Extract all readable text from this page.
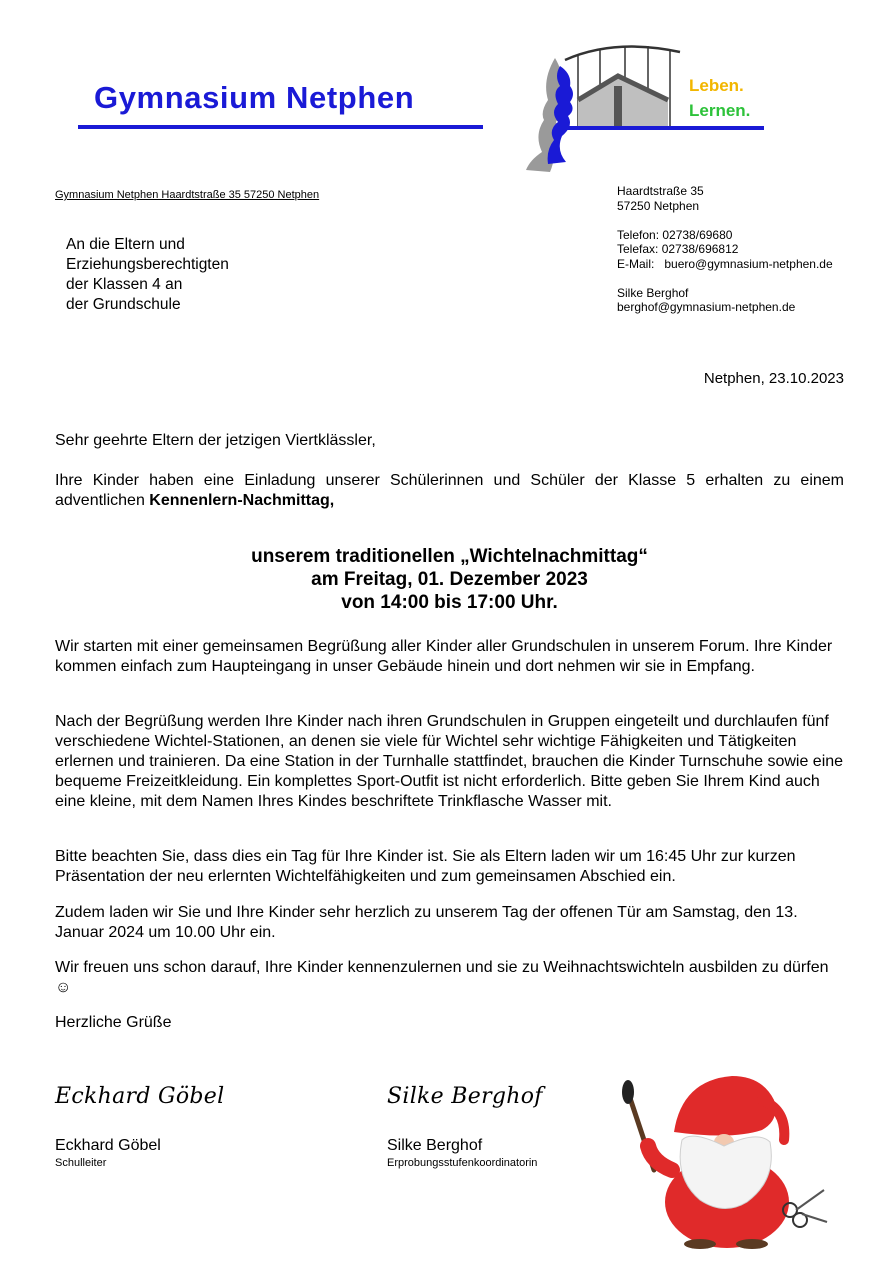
Gymnasium Netphen	Leben.
Lernen.
Gymnasium Netphen Haardtstraße 35 57250 Netphen
An die Eltern und
Erziehungsberechtigten
der Klassen 4 an
der Grundschule
Haardtstraße 35
57250 Netphen
Telefon: 02738/69680
Telefax: 02738/696812
E-Mail: buero@gymnasium-netphen.de
Silke Berghof
berghof@gymnasium-netphen.de
Netphen, 23.10.2023
Sehr geehrte Eltern der jetzigen Viertklässler,
Ihre Kinder haben eine Einladung unserer Schülerinnen und Schüler der Klasse 5 erhalten zu einem adventlichen Kennenlern-Nachmittag,
unserem traditionellen „Wichtelnachmittag“
am Freitag, 01. Dezember 2023
von 14:00 bis 17:00 Uhr.
Wir starten mit einer gemeinsamen Begrüßung aller Kinder aller Grundschulen in unserem Forum. Ihre Kinder kommen einfach zum Haupteingang in unser Gebäude hinein und dort nehmen wir sie in Empfang.
Nach der Begrüßung werden Ihre Kinder nach ihren Grundschulen in Gruppen eingeteilt und durchlaufen fünf verschiedene Wichtel-Stationen, an denen sie viele für Wichtel sehr wichtige Fähigkeiten und Tätigkeiten erlernen und trainieren. Da eine Station in der Turnhalle stattfindet, brauchen die Kinder Turnschuhe sowie eine bequeme Freizeitkleidung. Ein komplettes Sport-Outfit ist nicht erforderlich. Bitte geben Sie Ihrem Kind auch eine kleine, mit dem Namen Ihres Kindes beschriftete Trinkflasche Wasser mit.
Bitte beachten Sie, dass dies ein Tag für Ihre Kinder ist. Sie als Eltern laden wir um 16:45 Uhr zur kurzen Präsentation der neu erlernten Wichtelfähigkeiten und zum gemeinsamen Abschied ein.
Zudem laden wir Sie und Ihre Kinder sehr herzlich zu unserem Tag der offenen Tür am Samstag, den 13. Januar 2024 um 10.00 Uhr ein.
Wir freuen uns schon darauf, Ihre Kinder kennenzulernen und sie zu Weihnachtswichteln ausbilden zu dürfen ☺
Herzliche Grüße
Eckhard Göbel
Eckhard Göbel
Schulleiter
Silke Berghof
Silke Berghof
Erprobungsstufenkoordinatorin
